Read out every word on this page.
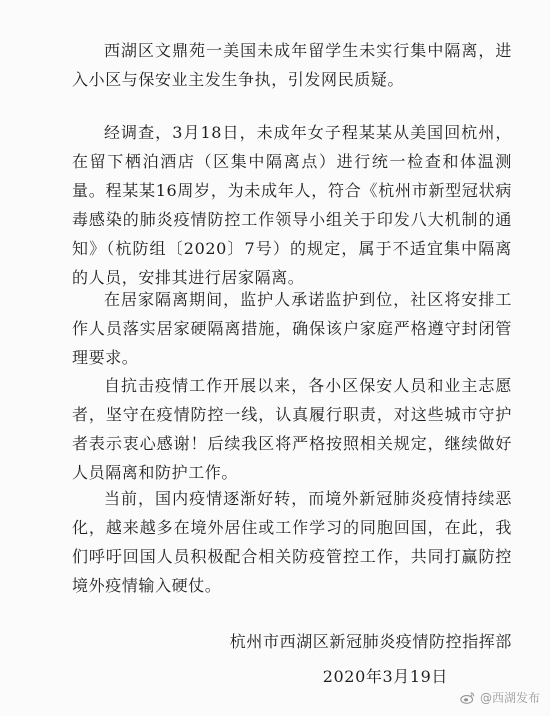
西湖区文鼎苑一美国未成年留学生未实行集中隔离，进入小区与保安业主发生争执，引发网民质疑。

经调查，3月18日，未成年女子程某某从美国回杭州，在留下栖泊酒店（区集中隔离点）进行统一检查和体温测量。程某某16周岁，为未成年人，符合《杭州市新型冠状病毒感染的肺炎疫情防控工作领导小组关于印发八大机制的通知》（杭防组〔2020〕7号）的规定，属于不适宜集中隔离的人员，安排其进行居家隔离。

在居家隔离期间，监护人承诺监护到位，社区将安排工作人员落实居家硬隔离措施，确保该户家庭严格遵守封闭管理要求。

自抗击疫情工作开展以来，各小区保安人员和业主志愿者，坚守在疫情防控一线，认真履行职责，对这些城市守护者表示衷心感谢！后续我区将严格按照相关规定，继续做好人员隔离和防护工作。

当前，国内疫情逐渐好转，而境外新冠肺炎疫情持续恶化，越来越多在境外居住或工作学习的同胞回国，在此，我们呼吁回国人员积极配合相关防疫管控工作，共同打赢防控境外疫情输入硬仗。

杭州市西湖区新冠肺炎疫情防控指挥部
2020年3月19日
@西湖发布
